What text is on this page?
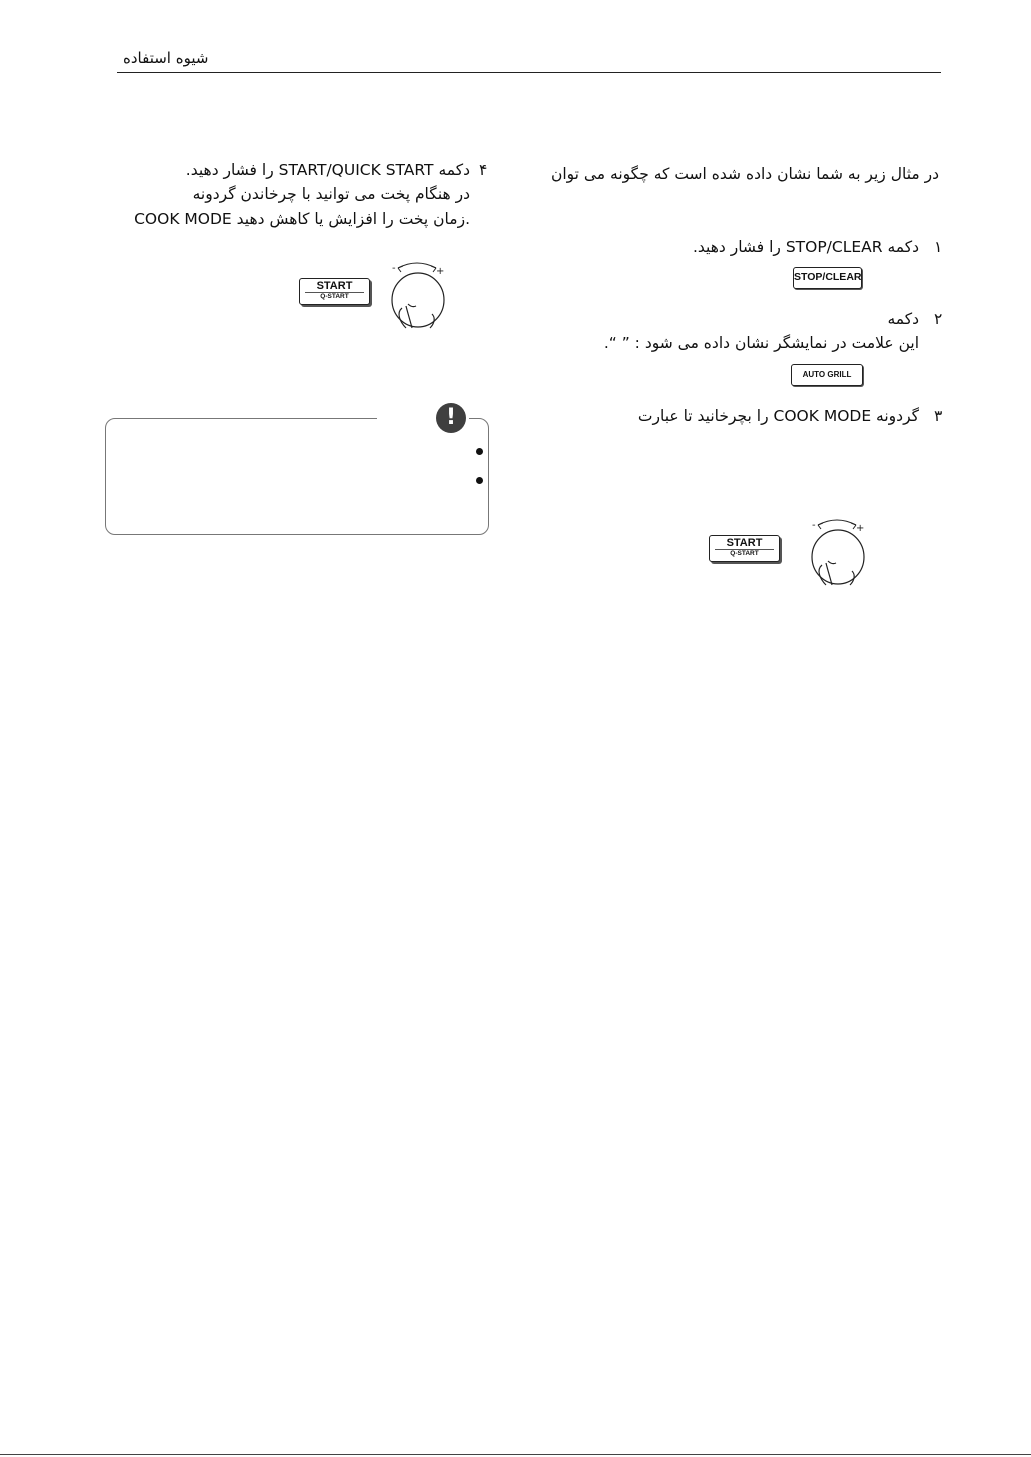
شیوه استفاده
در مثال زیر به شما نشان داده شده است که چگونه می توان
۱
دکمه STOP/CLEAR را فشار دهید.
STOP/CLEAR
۲
دکمه
این علامت در نمایشگر نشان داده می شود : ” “.
AUTO GRILL
۳
گردونه COOK MODE را بچرخانید تا عبارت
START
Q-START
-	+
۴
دکمه START/QUICK START را فشار دهید.
در هنگام پخت می توانید با چرخاندن گردونه
COOK MODE زمان پخت را افزایش یا کاهش دهید.
START
Q-START
-	+
!
